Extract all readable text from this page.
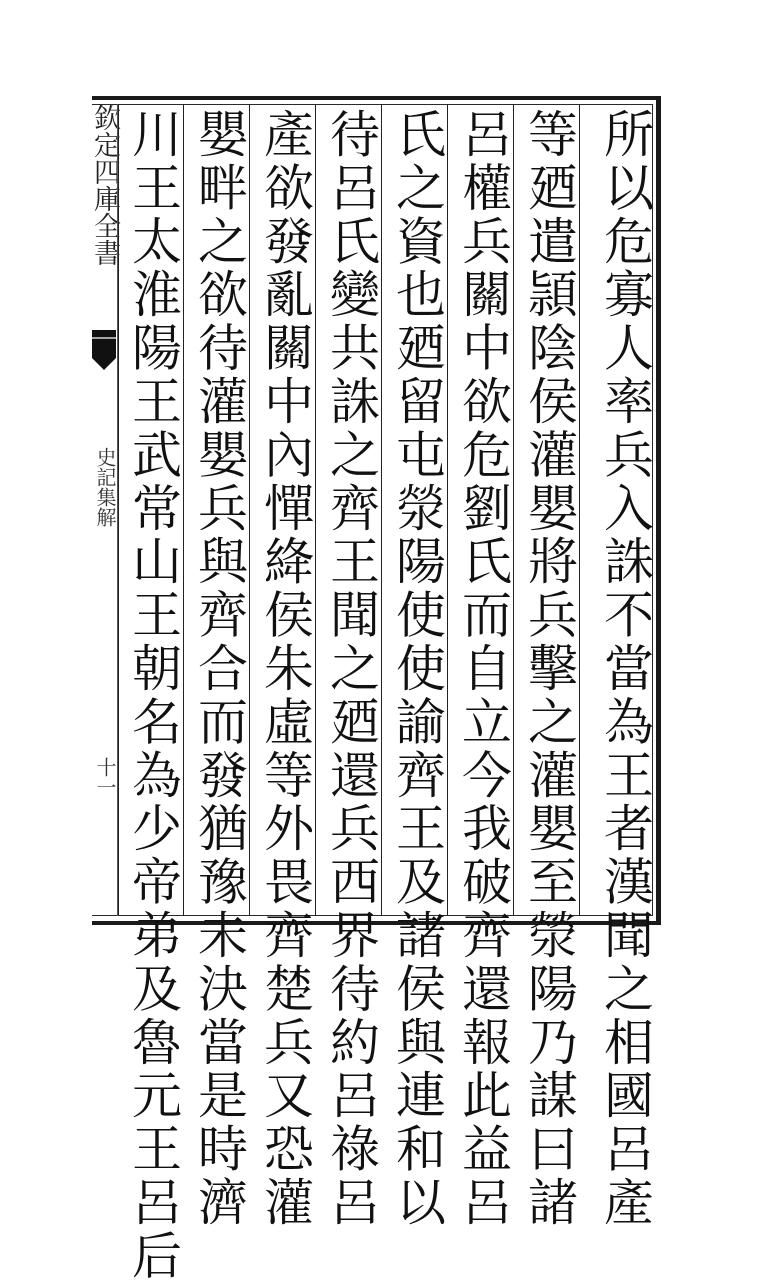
欽定四庫全書
史記集解
十一	所以危寡人率兵入誅不當為王者漢聞之相國呂產
等廼遣頴陰侯灌嬰將兵擊之灌嬰至滎陽乃謀曰諸
呂權兵關中欲危劉氏而自立今我破齊還報此益呂
氏之資也廼留屯滎陽使使諭齊王及諸侯與連和以
待呂氏變共誅之齊王聞之廼還兵西界待約呂祿呂
產欲發亂關中內憚絳侯朱虛等外畏齊楚兵又恐灌
嬰畔之欲待灌嬰兵與齊合而發猶豫未決當是時濟
川王太淮陽王武常山王朝名為少帝弟及魯元王呂后
